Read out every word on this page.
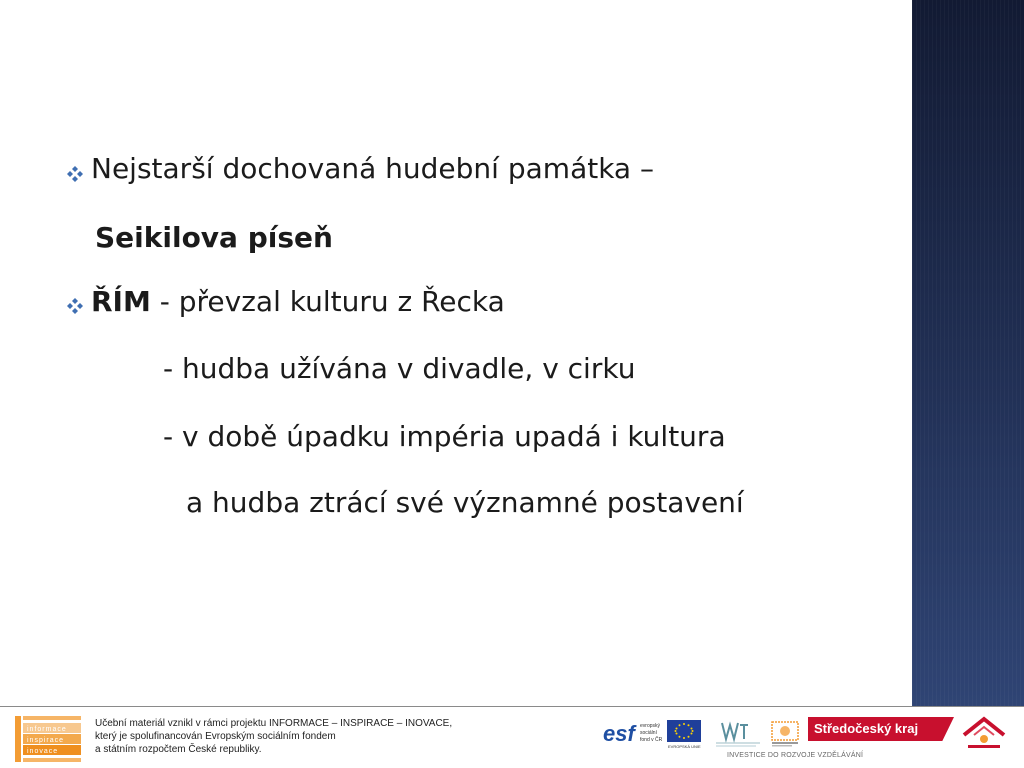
Nejstarší dochovaná hudební památka –
Seikilova píseň
ŘÍM - převzal kulturu z Řecka
- hudba užívána v divadle, v cirku
- v době úpadku impéria upadá i kultura
a hudba ztrácí své významné postavení
informace
inspirace
inovace
Učební materiál vznikl v rámci projektu INFORMACE – INSPIRACE – INOVACE,
který je spolufinancován Evropským sociálním fondem
a státním rozpočtem České republiky.
esf	evropský
sociální
fond v ČR
EVROPSKÁ UNIE
Středočeský kraj
INVESTICE DO ROZVOJE VZDĚLÁVÁNÍ
